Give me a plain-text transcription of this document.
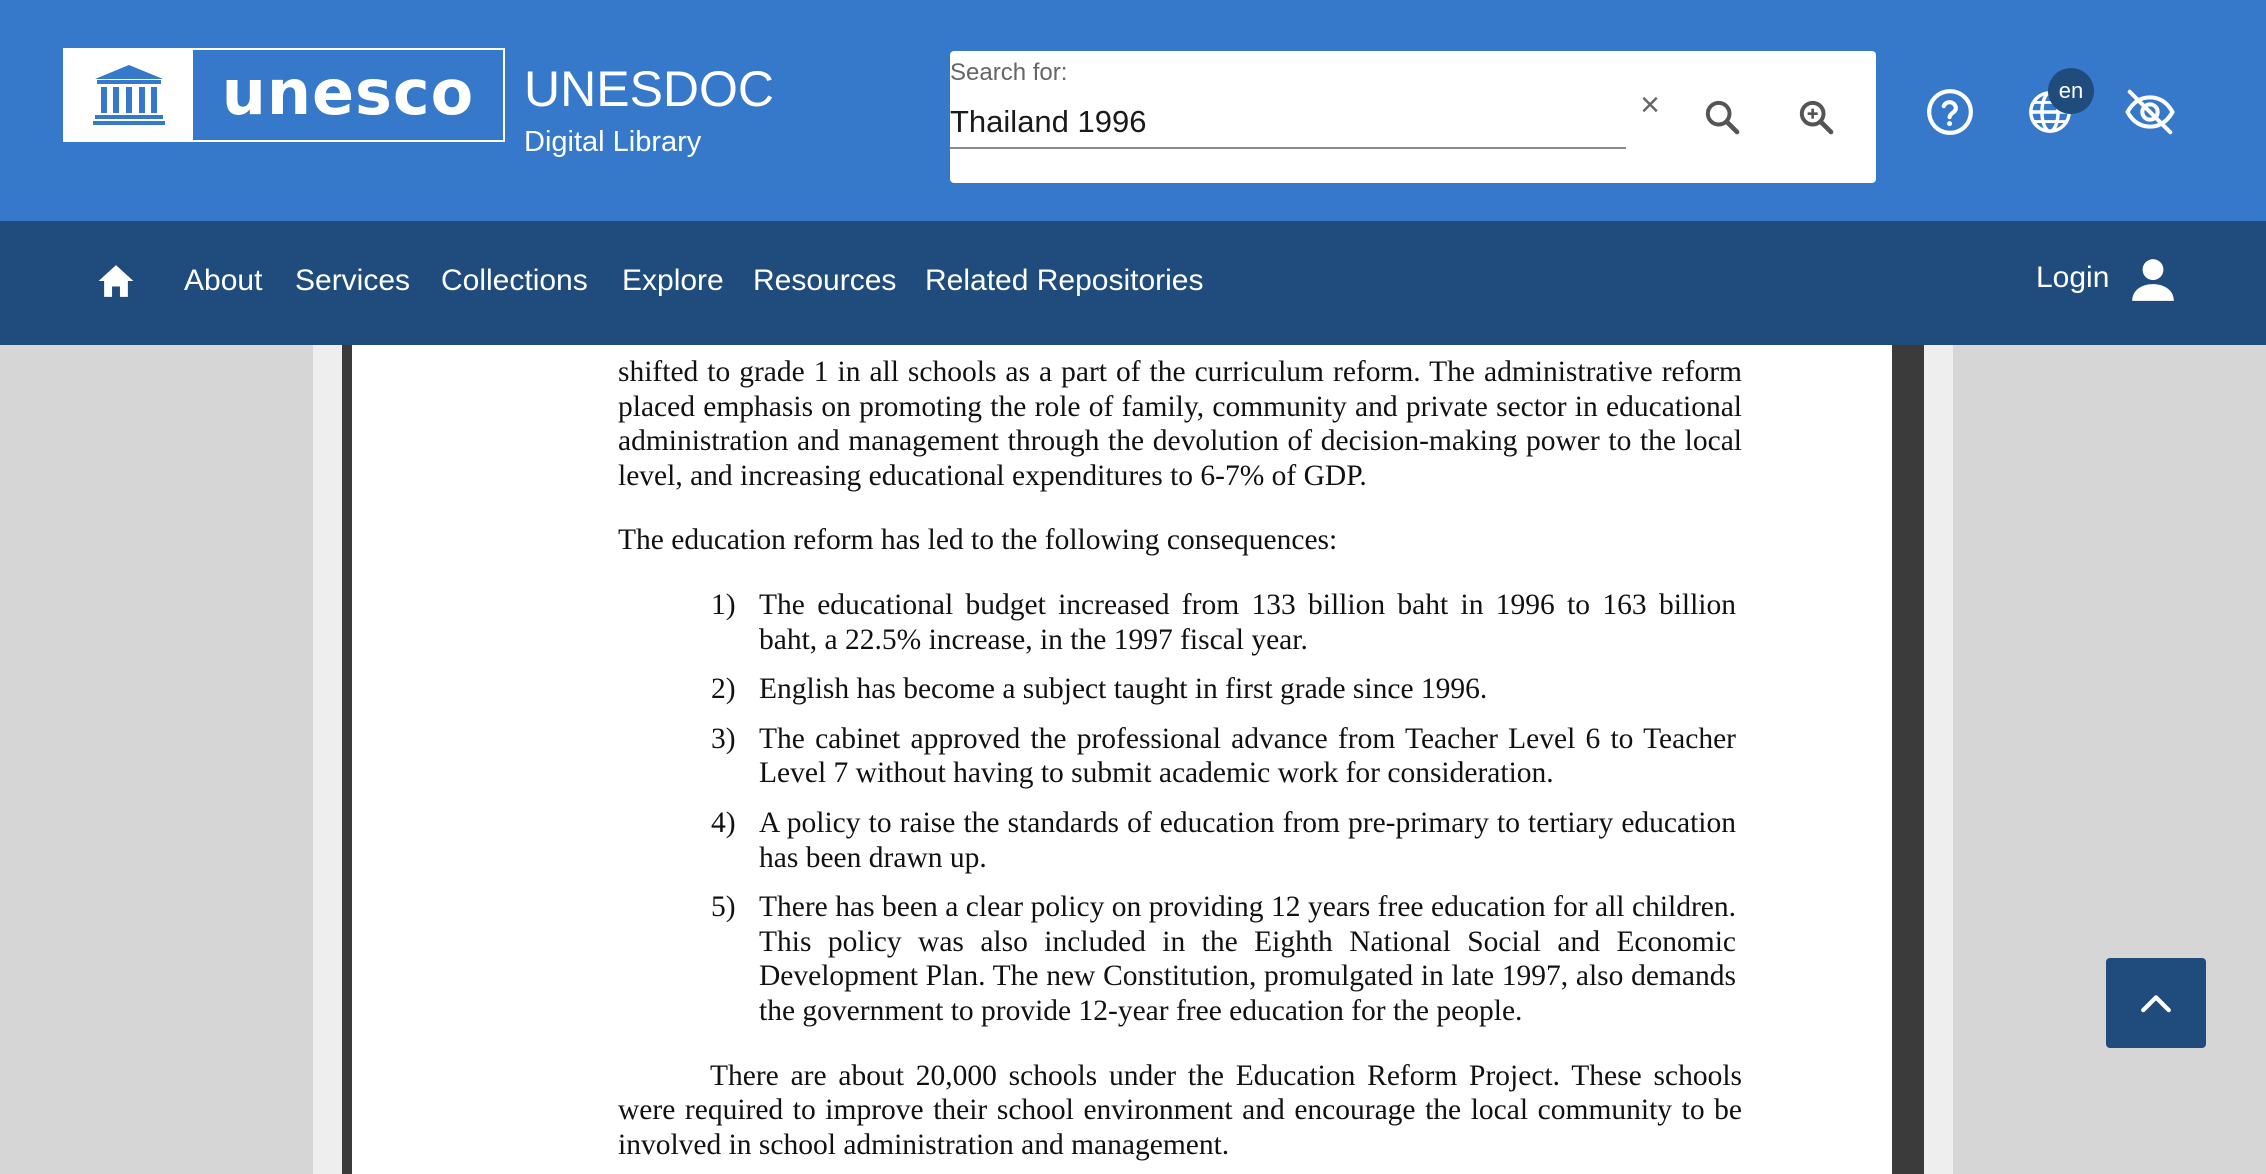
unesco UNESDOC
Digital Library
Search for:
Thailand 1996
×	en
About Services Collections Explore Resources Related Repositories	Login

shifted to grade 1 in all schools as a part of the curriculum reform. The administrative reform placed emphasis on promoting the role of family, community and private sector in educational administration and management through the devolution of decision-making power to the local level, and increasing educational expenditures to 6-7% of GDP.

The education reform has led to the following consequences:

1) The educational budget increased from 133 billion baht in 1996 to 163 billion baht, a 22.5% increase, in the 1997 fiscal year.
2) English has become a subject taught in first grade since 1996.
3) The cabinet approved the professional advance from Teacher Level 6 to Teacher Level 7 without having to submit academic work for consideration.
4) A policy to raise the standards of education from pre-primary to tertiary education has been drawn up.
5) There has been a clear policy on providing 12 years free education for all children. This policy was also included in the Eighth National Social and Economic Development Plan. The new Constitution, promulgated in late 1997, also demands the government to provide 12-year free education for the people.

There are about 20,000 schools under the Education Reform Project. These schools were required to improve their school environment and encourage the local community to be involved in school administration and management.
